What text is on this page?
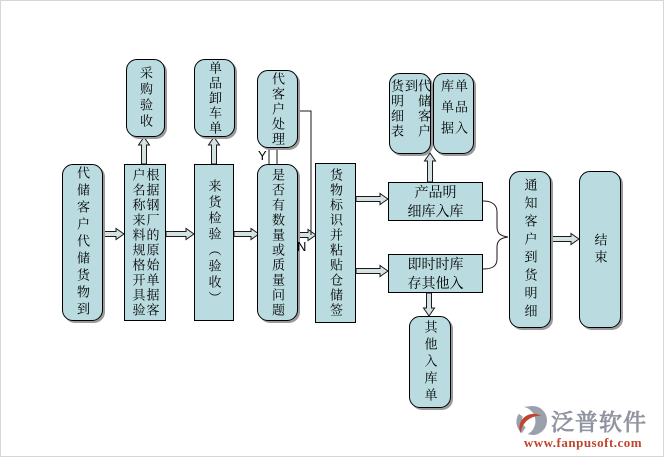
代储客户代储货物到	根据钢厂的原始单据客
户名称来料规格开具验	来货检验（验收）	是否有数量或质量问题	货物标识并粘贴仓储签
采购验收	单品卸车单	代客户处理	代储客户到
货明细表	单品入
库单据
产品明
细库入库
即时时库
存其他入
其他入库单
通知客户到货明细	结束
Y
N
泛普软件
www.fanpusoft.com
